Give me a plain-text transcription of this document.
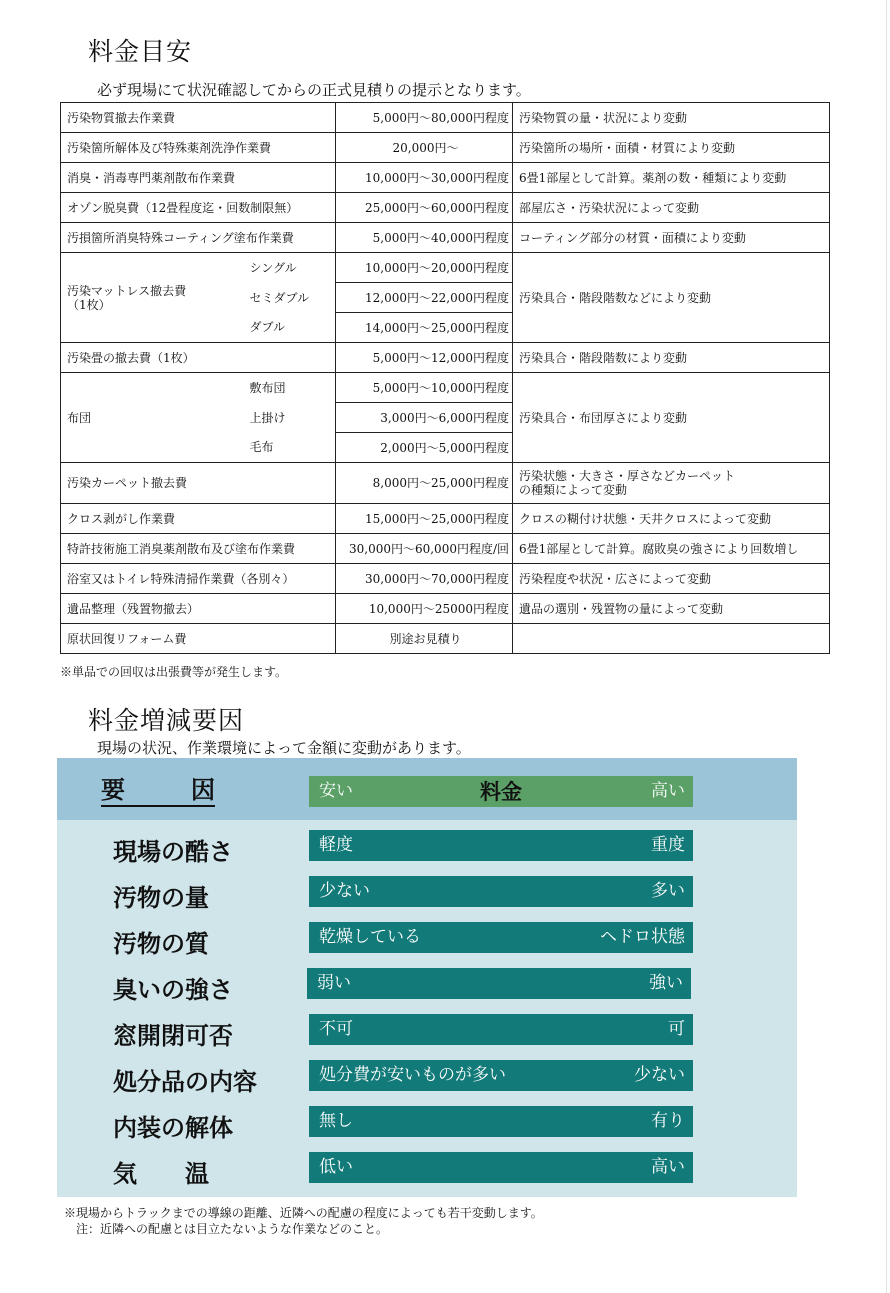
料金目安
必ず現場にて状況確認してからの正式見積りの提示となります。
汚染物質撤去作業費		5,000円～80,000円程度	汚染物質の量・状況により変動
汚染箇所解体及び特殊薬剤洗浄作業費		20,000円～	汚染箇所の場所・面積・材質により変動
消臭・消毒専門薬剤散布作業費		10,000円～30,000円程度	6畳1部屋として計算。薬剤の数・種類により変動
オゾン脱臭費（12畳程度迄・回数制限無）		25,000円～60,000円程度	部屋広さ・汚染状況によって変動
汚損箇所消臭特殊コーティング塗布作業費		5,000円～40,000円程度	コーティング部分の材質・面積により変動

汚染マットレス撤去費
（1枚）	シングル	10,000円～20,000円程度	汚染具合・階段階数などにより変動
	セミダブル	12,000円～22,000円程度	
	ダブル	14,000円～25,000円程度	
汚染畳の撤去費（1枚）		5,000円～12,000円程度	汚染具合・階段階数により変動
布団	敷布団	5,000円～10,000円程度	汚染具合・布団厚さにより変動
	上掛け	3,000円～6,000円程度	
	毛布	2,000円～5,000円程度	
汚染カーペット撤去費		8,000円～25,000円程度	汚染状態・大きさ・厚さなどカーペット
の種類によって変動

クロス剥がし作業費		15,000円～25,000円程度	クロスの糊付け状態・天井クロスによって変動
特許技術施工消臭薬剤散布及び塗布作業費		30,000円～60,000円程度/回	6畳1部屋として計算。腐敗臭の強さにより回数増し
浴室又はトイレ特殊清掃作業費（各別々）		30,000円～70,000円程度	汚染程度や状況・広さによって変動
遺品整理（残置物撤去）		10,000円～25000円程度	遺品の選別・残置物の量によって変動
原状回復リフォーム費		別途お見積り	
※単品での回収は出張費等が発生します。
料金増減要因
現場の状況、作業環境によって金額に変動があります。
要	因	料金
安い	高い
現場の酷さ	軽度	重度
汚物の量	少ない	多い
汚物の質	乾燥している	ヘドロ状態
臭いの強さ	弱い	強い
窓開閉可否	不可	可
処分品の内容	処分費が安いものが多い	少ない
内装の解体	無し	有り
気　　温	低い	高い
※現場からトラックまでの導線の距離、近隣への配慮の程度によっても若干変動します。
注：近隣への配慮とは目立たないような作業などのこと。
